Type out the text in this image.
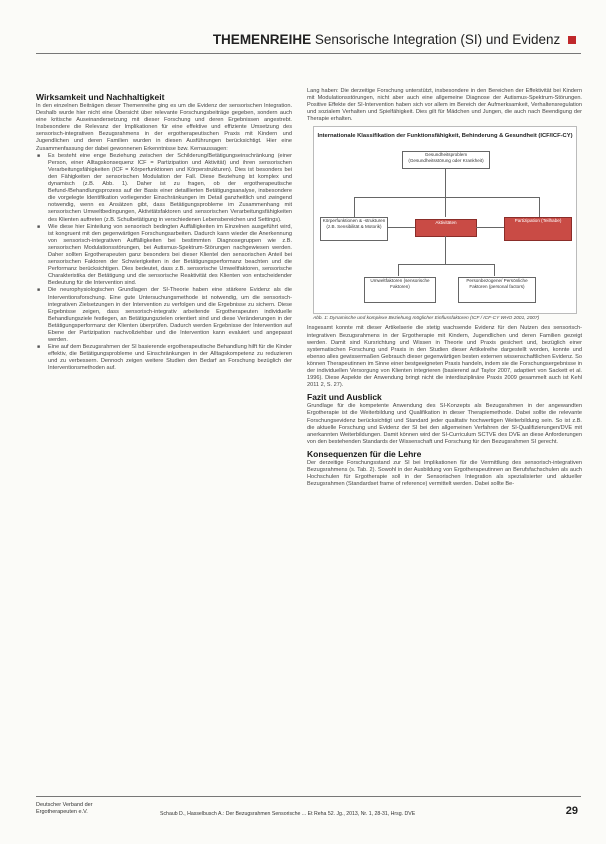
THEMENREIHE Sensorische Integration (SI) und Evidenz
Wirksamkeit und Nachhaltigkeit

In den einzelnen Beiträgen dieser Themenreihe ging es um die Evidenz der sensorischen Integration. Deshalb wurde hier nicht eine Übersicht über relevante Forschungsbeiträge gegeben, sondern auch eine kritische Auseinandersetzung mit dieser Forschung und deren Ergebnissen angestrebt. Insbesondere die Relevanz der Implikationen für eine effektive und effiziente Umsetzung des sensorisch-integrativen Bezugsrahmens in der ergotherapeutischen Praxis mit Kindern und Jugendlichen und deren Familien wurden in diesen Ausführungen berücksichtigt. Hier eine Zusammenfassung der dabei gewonnenen Erkenntnisse bzw. Kernaussagen:

■ Es besteht eine enge Beziehung zwischen der Schilderung/Betätigungseinschränkung (einer Person, einer Alltagskonsequenz ICF = Partizipation und Aktivität) und ihren sensorischen Verarbeitungsfähigkeiten (ICF = Körperfunktionen und Körperstrukturen). Dies ist besonders bei den Fähigkeiten der sensorischen Modulation der Fall. Diese Beziehung ist komplex und dynamisch (z.B. Abb. 1). Daher ist zu fragen, ob der ergotherapeutische Befund-/Behandlungsprozess auf der Basis einer detaillierten Betätigungsanalyse, insbesondere die vorgelegte Identifikation vorliegender Einschränkungen im Detail ganzheitlich und zwingend notwendig, wenn es Ansätzen gibt, dass Betätigungsprobleme im Zusammenhang mit sensorischen Umweltbedingungen, Aktivitätsfaktoren und sensorischen Verarbeitungsfähigkeiten des Klienten auftreten (z.B. Schulbetätigung in verschiedenen Lebensbereichen und Settings).
■ Wie diese hier Einteilung von sensorisch bedingten Auffälligkeiten im Einzelnen ausgeführt wird, ist kongruent mit den gegenwärtigen Forschungsarbeiten. Dadurch kann wieder die Anerkennung von sensorisch-integrativen Auffälligkeiten bei bestimmten Diagnosegruppen wie z.B. sensorischen Modulationsstörungen, bei Autismus-Spektrum-Störungen nachgewiesen werden. Daher sollten Ergotherapeuten ganz besonders bei dieser Klientel den sensorischen Anteil bei sensorischen Faktoren der Schwierigkeiten in der Betätigungsperformanz beachten und die Performanz berücksichtigen. Dies bedeutet, dass z.B. sensorische Umweltfaktoren, sensorische Charakteristika der Betätigung und die sensorische Reaktivität des Klienten von entscheidender Bedeutung für die Intervention sind.
■ Die neurophysiologischen Grundlagen der SI-Theorie haben eine stärkere Evidenz als die Interventionsforschung. Eine gute Untersuchungsmethode ist notwendig, um die sensorisch-integrativen Zielsetzungen in der Intervention zu verfolgen und die Ergebnisse zu sichern. Diese Ergebnisse zeigen, dass sensorisch-integrativ arbeitende Ergotherapeuten individuelle Behandlungsziele festlegen, an Betätigungszielen orientiert sind und diese Veränderungen in der Betätigungsperformanz der Klienten überprüfen. Dadurch werden Ergebnisse der Intervention auf Ebene der Partizipation nachvollziehbar und die Intervention kann evaluiert und angepasst werden.
■ Eine auf dem Bezugsrahmen der SI basierende ergotherapeutische Behandlung hilft für die Kinder effektiv, die Betätigungsprobleme und Einschränkungen in der Alltagskompetenz zu reduzieren und zu verbessern. Dennoch zeigen weitere Studien den Bedarf an Forschung bezüglich der Interventionsmethoden auf.

Lang haben: Die derzeitige Forschung unterstützt, insbesondere in den Bereichen der Effektivität bei Kindern mit Modulationsstörungen, nicht aber auch eine allgemeine Diagnose der Autismus-Spektrum-Störungen. Positive Effekte der SI-Intervention haben sich vor allem im Bereich der Aufmerksamkeit, Verhaltensregulation und sozialem Verhalten und Spielfähigkeit. Dies gilt für Mädchen und Jungen, die auch nach Beendigung der Therapie erhalten.

Internationale Klassifikation der Funktionsfähigkeit, Behinderung & Gesundheit (ICF/ICF-CY)
Gesundheitsproblem (Gesundheitsstörung oder Krankheit)
Körperfunktionen & -strukturen (z.B. Sensibilität & Motorik)
Aktivitäten	Partizipation (Teilhabe)
Umweltfaktoren (sensorische Faktoren)
Personbezogene/ Persönliche Faktoren (personal factors)
Abb. 1: Dynamische und komplexe Beziehung möglicher Einflussfaktoren (ICF / ICF-CY WHO 2001, 2007)

Insgesamt konnte mit dieser Artikelserie die stetig wachsende Evidenz für den Nutzen des sensorisch-integrativen Bezugsrahmens in der Ergotherapie mit Kindern, Jugendlichen und deren Familien gezeigt werden. Damit sind Kursrichtung und Wissen in Theorie und Praxis gesichert und, bezüglich einer systematischen Forschung und Praxis in den Studien dieser Artikelreihe dargestellt worden, konnte und ebenso alles gewissermaßen Gebrauch dieser gegenwärtigen besten externen wissenschaftlichen Evidenz. So können Therapeutinnen im Sinne einer bestgeeigneten Praxis handeln, indem sie die Forschungsergebnisse in der individuellen Versorgung von Klienten integrieren (basierend auf Taylor 2007, adaptiert von Sackett et al. 1996). Diese Aspekte der Anwendung bringt nicht die interdisziplinäre Praxis 2009 gesammelt auch ist Kehl 2011 2, S. 27).

Fazit und Ausblick

Grundlage für die kompetente Anwendung des SI-Konzepts als Bezugsrahmen in der angewandten Ergotherapie ist die Weiterbildung und Qualifikation in dieser Therapiemethode. Dabei sollte die relevante Forschungsevidenz berücksichtigt und Standard jeder qualitativ hochwertigen Weiterbildung sein. So ist z.B. die aktuelle Forschung und Evidenz der SI bei den allgemeinen Verfahren der SI-Qualifizierungen/DVE mit anerkannten Weiterbildungen. Damit können wird der SI-Curriculum SCTVE des DVE an diese Anforderungen von den bestehenden Standards der Wissenschaft und Forschung für den Bezugsrahmen SI gerecht.

Konsequenzen für die Lehre

Der derzeitige Forschungsstand zur SI bei Implikationen für die Vermittlung des sensorisch-integrativen Bezugsrahmens (s. Tab. 2). Sowohl in der Ausbildung von Ergotherapeutinnen an Berufsfachschulen als auch Hochschulen für Ergotherapie soll in der Sensorischen Integration als spezialisierter und aktueller Bezugsrahmen (Standardset frame of reference) vermittelt werden. Dabei sollte Be-

Deutscher Verband der
Ergotherapeuten e.V.	Schaub D., Hasselbusch A.: Der Bezugsrahmen Sensorische ... Et Reha 52. Jg., 2013, Nr. 1, 28-31, Hrsg. DVE	29
